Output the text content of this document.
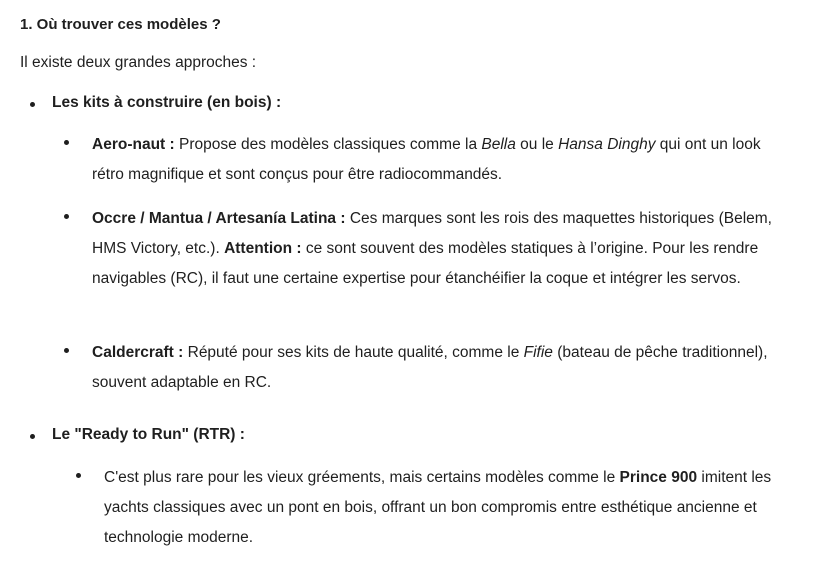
1. Où trouver ces modèles ?
Il existe deux grandes approches :
Les kits à construire (en bois) :
Aero-naut : Propose des modèles classiques comme la Bella ou le Hansa Dinghy qui ont un look rétro magnifique et sont conçus pour être radiocommandés.
Occre / Mantua / Artesanía Latina : Ces marques sont les rois des maquettes historiques (Belem, HMS Victory, etc.). Attention : ce sont souvent des modèles statiques à l’origine. Pour les rendre navigables (RC), il faut une certaine expertise pour étanchéifier la coque et intégrer les servos.
Caldercraft : Réputé pour ses kits de haute qualité, comme le Fifie (bateau de pêche traditionnel), souvent adaptable en RC.
Le "Ready to Run" (RTR) :
C'est plus rare pour les vieux gréements, mais certains modèles comme le Prince 900 imitent les yachts classiques avec un pont en bois, offrant un bon compromis entre esthétique ancienne et technologie moderne.
